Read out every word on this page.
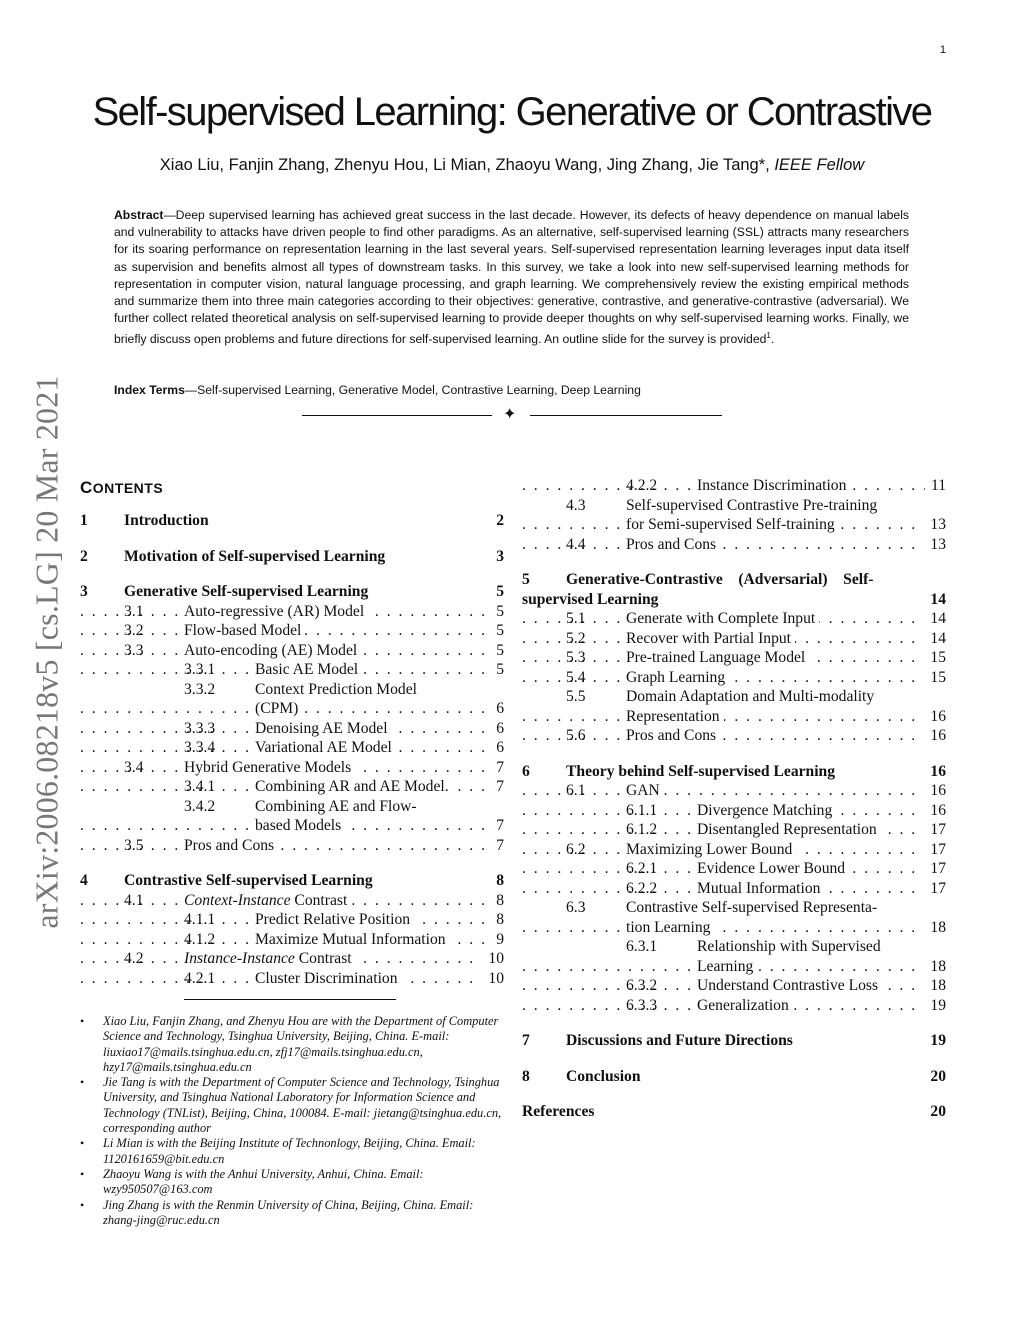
1
Self-supervised Learning: Generative or Contrastive
Xiao Liu, Fanjin Zhang, Zhenyu Hou, Li Mian, Zhaoyu Wang, Jing Zhang, Jie Tang*, IEEE Fellow
Abstract—Deep supervised learning has achieved great success in the last decade. However, its defects of heavy dependence on manual labels and vulnerability to attacks have driven people to find other paradigms. As an alternative, self-supervised learning (SSL) attracts many researchers for its soaring performance on representation learning in the last several years. Self-supervised representation learning leverages input data itself as supervision and benefits almost all types of downstream tasks. In this survey, we take a look into new self-supervised learning methods for representation in computer vision, natural language processing, and graph learning. We comprehensively review the existing empirical methods and summarize them into three main categories according to their objectives: generative, contrastive, and generative-contrastive (adversarial). We further collect related theoretical analysis on self-supervised learning to provide deeper thoughts on why self-supervised learning works. Finally, we briefly discuss open problems and future directions for self-supervised learning. An outline slide for the survey is provided$^1$.
Index Terms—Self-supervised Learning, Generative Model, Contrastive Learning, Deep Learning
✦
arXiv:2006.08218v5 [cs.LG] 20 Mar 2021 CONTENTS
1	Introduction	2
2	Motivation of Self-supervised Learning	3
3	Generative Self-supervised Learning	5
3.1	Auto-regressive (AR) Model . . .	5
3.2	Flow-based Model . . .	5
3.3	Auto-encoding (AE) Model . . .	5
3.3.1	Basic AE Model . . .	5
3.3.2	Context Prediction Model
(CPM) . . .	6
3.3.3	Denoising AE Model . . .	6
3.3.4	Variational AE Model . . .	6
3.4	Hybrid Generative Models . . .	7
3.4.1	Combining AR and AE Model. . . .	7
3.4.2	Combining AE and Flow-
based Models . . .	7
3.5	Pros and Cons . . .	7
4	Contrastive Self-supervised Learning	8
4.1	Context-Instance Contrast . . .	8
4.1.1	Predict Relative Position . . .	8
4.1.2	Maximize Mutual Information . . .	9
4.2	Instance-Instance Contrast . . .	10
4.2.1	Cluster Discrimination . . .	10
4.2.2	Instance Discrimination . . .	11
4.3	Self-supervised Contrastive Pre-training
for Semi-supervised Self-training . . .	13
4.4	Pros and Cons . . .	13
5	Generative-Contrastive    (Adversarial)    Self-
supervised Learning	14
5.1	Generate with Complete Input . . .	14
5.2	Recover with Partial Input . . .	14
5.3	Pre-trained Language Model . . .	15
5.4	Graph Learning . . .	15
5.5	Domain Adaptation and Multi-modality
Representation . . .	16
5.6	Pros and Cons . . .	16
6	Theory behind Self-supervised Learning	16
6.1	GAN . . .	16
6.1.1	Divergence Matching . . .	16
6.1.2	Disentangled Representation . . .	17
6.2	Maximizing Lower Bound . . .	17
6.2.1	Evidence Lower Bound . . .	17
6.2.2	Mutual Information . . .	17
6.3	Contrastive Self-supervised Representa-
tion Learning . . .	18
6.3.1	Relationship with Supervised
Learning . . .	18
6.3.2	Understand Contrastive Loss . . .	18
6.3.3	Generalization . . .	19
7	Discussions and Future Directions	19
8	Conclusion	20
References	20
• Xiao Liu, Fanjin Zhang, and Zhenyu Hou are with the Department of Computer Science and Technology, Tsinghua University, Beijing, China. E-mail: liuxiao17@mails.tsinghua.edu.cn, zfj17@mails.tsinghua.edu.cn, hzy17@mails.tsinghua.edu.cn
• Jie Tang is with the Department of Computer Science and Technology, Tsinghua University, and Tsinghua National Laboratory for Information Science and Technology (TNList), Beijing, China, 100084. E-mail: jietang@tsinghua.edu.cn, corresponding author
• Li Mian is with the Beijing Institute of Technonlogy, Beijing, China. Email: 1120161659@bit.edu.cn
• Zhaoyu Wang is with the Anhui University, Anhui, China. Email: wzy950507@163.com
• Jing Zhang is with the Renmin University of China, Beijing, China. Email: zhang-jing@ruc.edu.cn
